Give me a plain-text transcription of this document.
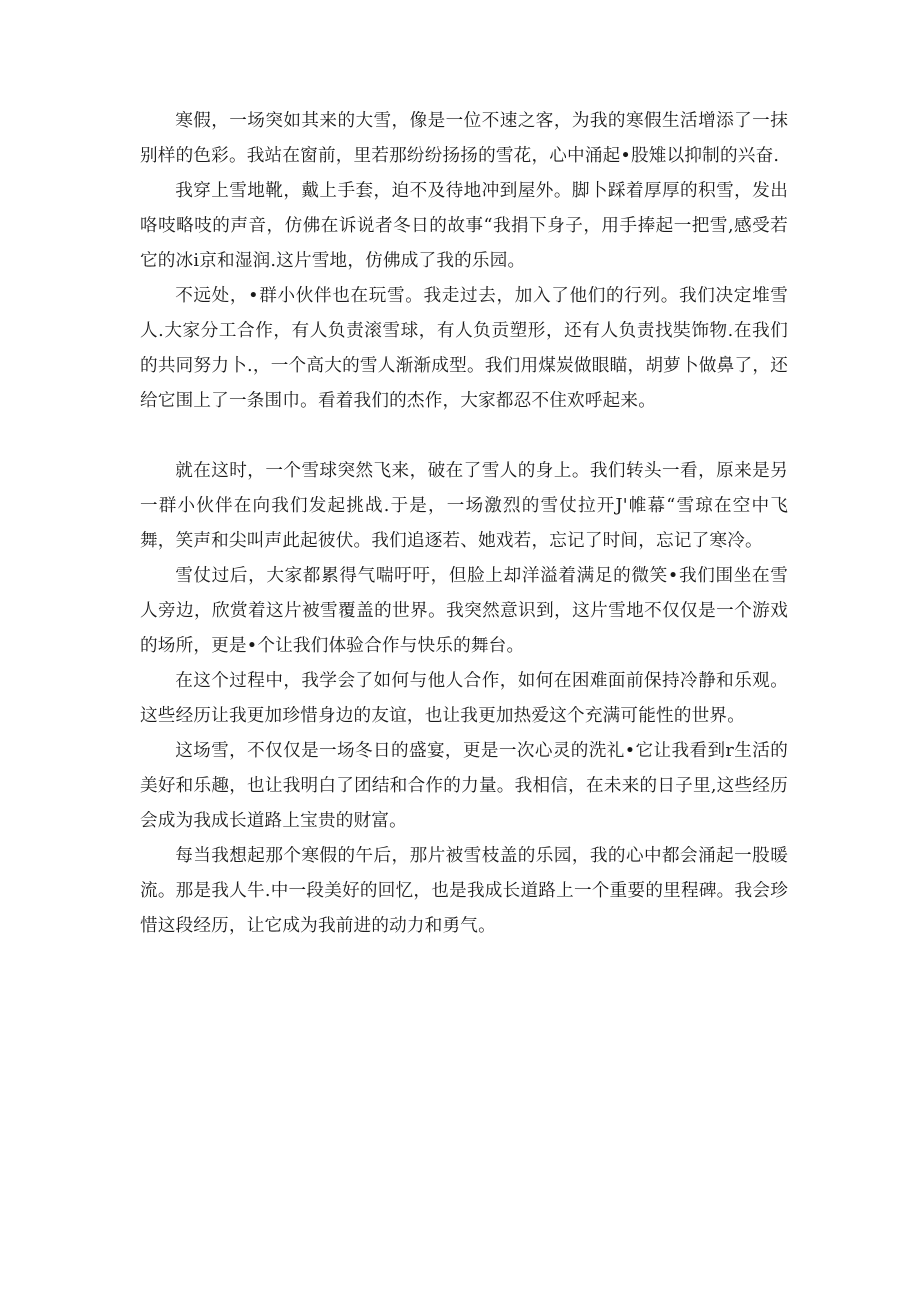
寒假，一场突如其来的大雪，像是一位不速之客，为我的寒假生活增添了一抹别样的色彩。我站在窗前，里若那纷纷扬扬的雪花，心中涌起•股雉以抑制的兴奋.

我穿上雪地靴，戴上手套，迫不及待地冲到屋外。脚卜踩着厚厚的积雪，发出咯吱略吱的声音，仿佛在诉说者冬日的故事“我捐下身子，用手捧起一把雪,感受若它的冰i京和湿润.这片雪地，仿佛成了我的乐园。

不远处，•群小伙伴也在玩雪。我走过去，加入了他们的行列。我们决定堆雪人.大家分工合作，有人负责滚雪球，有人负贡塑形，还有人负责找奘饰物.在我们的共同努力卜.，一个高大的雪人渐渐成型。我们用煤炭做眼瞄，胡萝卜做鼻了，还给它围上了一条围巾。看着我们的杰作，大家都忍不住欢呼起来。

就在这时，一个雪球突然飞来，破在了雪人的身上。我们转头一看，原来是另一群小伙伴在向我们发起挑战.于是，一场激烈的雪仗拉开J'帷幕“雪琼在空中飞舞，笑声和尖叫声此起彼伏。我们追逐若、她戏若，忘记了时间，忘记了寒冷。

雪仗过后，大家都累得气喘吁吁，但脸上却洋溢着满足的微笑•我们围坐在雪人旁边，欣赏着这片被雪覆盖的世界。我突然意识到，这片雪地不仅仅是一个游戏的场所，更是•个让我们体验合作与快乐的舞台。

在这个过程中，我学会了如何与他人合作，如何在困难面前保持冷静和乐观。这些经历让我更加珍惜身边的友谊，也让我更加热爱这个充满可能性的世界。

这场雪，不仅仅是一场冬日的盛宴，更是一次心灵的洗礼•它让我看到r生活的美好和乐趣，也让我明白了团结和合作的力量。我相信，在未来的日子里,这些经历会成为我成长道路上宝贵的财富。

每当我想起那个寒假的午后，那片被雪枝盖的乐园，我的心中都会涌起一股暖流。那是我人牛.中一段美好的回忆，也是我成长道路上一个重要的里程碑。我会珍惜这段经历，让它成为我前进的动力和勇气。
